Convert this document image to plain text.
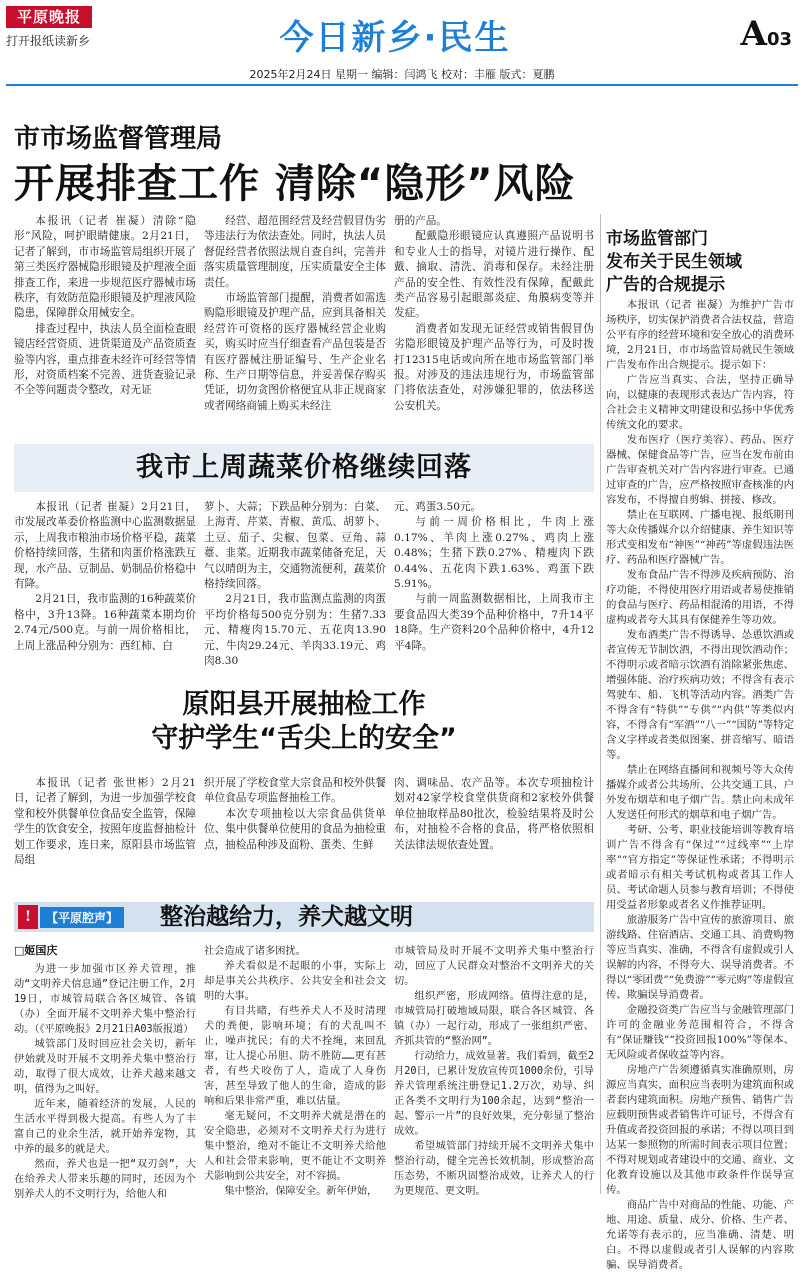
平原晚报
打开报纸读新乡	今日新乡·民生	A03
2025年2月24日 星期一 编辑：闫鸿飞 校对：丰雁 版式：夏鹏
市市场监督管理局
开展排查工作 清除“隐形”风险

本报讯（记者 崔凝）清除“隐形”风险，呵护眼睛健康。2月21日，记者了解到，市市场监管局组织开展了第三类医疗器械隐形眼镜及护理液全面排查工作，来进一步规范医疗器械市场秩序，有效防范隐形眼镜及护理液风险隐患，保障群众用械安全。

排查过程中，执法人员全面检查眼镜店经营资质、进货渠道及产品资质查验等内容，重点排查未经许可经营等情形，对资质档案不完善、进货查验记录不全等问题责令整改，对无证

经营、超范围经营及经营假冒伪劣等违法行为依法查处。同时，执法人员督促经营者依照法规自查自纠，完善并落实质量管理制度，压实质量安全主体责任。

市场监管部门提醒，消费者如需选购隐形眼镜及护理产品，应到具备相关经营许可资格的医疗器械经营企业购买，购买时应当仔细查看产品包装是否有医疗器械注册证编号、生产企业名称、生产日期等信息，并妥善保存购买凭证，切勿贪图价格便宜从非正规商家或者网络商铺上购买未经注

册的产品。

配戴隐形眼镜应认真遵照产品说明书和专业人士的指导，对镜片进行操作、配戴、摘取、清洗、消毒和保存。未经注册产品的安全性、有效性没有保障，配戴此类产品容易引起眼部炎症、角膜病变等并发症。

消费者如发现无证经营或销售假冒伪劣隐形眼镜及护理产品等行为，可及时拨打12315电话或向所在地市场监管部门举报。对涉及的违法违规行为，市场监管部门将依法查处，对涉嫌犯罪的，依法移送公安机关。

我市上周蔬菜价格继续回落

本报讯（记者 崔凝）2月21日，市发展改革委价格监测中心监测数据显示，上周我市粮油市场价格平稳，蔬菜价格持续回落，生猪和肉蛋价格涨跌互现，水产品、豆制品、奶制品价格稳中有降。

2月21日，我市监测的16种蔬菜价格中，3升13降。16种蔬菜本期均价2.74元/500克。与前一周价格相比，上周上涨品种分别为：西红柿、白

萝卜、大蒜；下跌品种分别为：白菜、上海青、芹菜、青椒、黄瓜、胡萝卜、土豆、茄子、尖椒、包菜、豆角、蒜薹、韭菜。近期我市蔬菜储备充足，天气以晴朗为主，交通物流便利，蔬菜价格持续回落。

2月21日，我市监测点监测的肉蛋平均价格每500克分别为：生猪7.33元、精瘦肉15.70元、五花肉13.90元、牛肉29.24元、羊肉33.19元、鸡肉8.30

元、鸡蛋3.50元。

与前一周价格相比，牛肉上涨0.17%、羊肉上涨0.27%、鸡肉上涨0.48%；生猪下跌0.27%、精瘦肉下跌0.44%、五花肉下跌1.63%、鸡蛋下跌5.91%。

与前一周监测数据相比，上周我市主要食品四大类39个品种价格中，7升14平18降。生产资料20个品种价格中，4升12平4降。

原阳县开展抽检工作
守护学生“舌尖上的安全”

本报讯（记者 张世彬）2月21日，记者了解到，为进一步加强学校食堂和校外供餐单位食品安全监管，保障学生的饮食安全，按照年度监督抽检计划工作要求，连日来，原阳县市场监管局组

织开展了学校食堂大宗食品和校外供餐单位食品专项监督抽检工作。

本次专项抽检以大宗食品供货单位、集中供餐单位使用的食品为抽检重点，抽检品种涉及面粉、蛋类、生鲜

肉、调味品、农产品等。本次专项抽检计划对42家学校食堂供货商和2家校外供餐单位抽取样品80批次，检验结果将及时公布，对抽检不合格的食品，将严格依照相关法律法规依查处置。

!	【平原腔声】 整治越给力，养犬越文明
□姬国庆

为进一步加强市区养犬管理，推动“文明养犬信息通”登记注册工作，2月19日，市城管局联合各区城管、各镇（办）全面开展不文明养犬集中整治行动。（《平原晚报》2月21日A03版报道）

城管部门及时回应社会关切，新年伊始就及时开展不文明养犬集中整治行动，取得了很大成效，让养犬越来越文明，值得为之叫好。

近年来，随着经济的发展，人民的生活水平得到极大提高。有些人为了丰富自己的业余生活，就开始养宠物，其中养的最多的就是犬。

然而，养犬也是一把“双刃剑”，大在给养犬人带来乐趣的同时，还因为个别养犬人的不文明行为，给他人和

社会造成了诸多困扰。

养犬看似是不起眼的小事，实际上却是事关公共秩序、公共安全和社会文明的大事。

有目共睹，有些养犬人不及时清理犬的粪便，影响环境；有的犬乱叫不止，噪声扰民；有的犬不拴绳，来回乱窜，让人提心吊胆、防不胜防……更有甚者，有些犬咬伤了人，造成了人身伤害，甚至导致了他人的生命，造成的影响和后果非常严重，难以估量。

毫无疑问，不文明养犬就是潜在的安全隐患，必须对不文明养犬行为进行集中整治，绝对不能让不文明养犬给他人和社会带来影响，更不能让不文明养犬影响到公共安全，对不容损。

集中整治，保障安全。新年伊始，

市城管局及时开展不文明养犬集中整治行动，回应了人民群众对整治不文明养犬的关切。

组织严密，形成网络。值得注意的是，市城管局打破地域局限，联合各区城管、各镇（办）一起行动，形成了一张组织严密、齐抓共管的“整治网”。

行动给力，成效显著。我们看到，截至2月20日，已累计发放宣传页1000余份，引导养犬管理系统注册登记1.2万次，劝导、纠正各类不文明行为100余起，达到“整治一起、警示一片”的良好效果，充分彰显了整治成效。

希望城管部门持续开展不文明养犬集中整治行动，健全完善长效机制，形成整治高压态势，不断巩固整治成效，让养犬人的行为更规范、更文明。

市场监管部门
发布关于民生领域
广告的合规提示

本报讯（记者 崔凝）为维护广告市场秩序，切实保护消费者合法权益，营造公平有序的经营环境和安全放心的消费环境，2月21日，市市场监管局就民生领域广告发布作出合规提示。提示如下：

广告应当真实、合法，坚持正确导向，以健康的表现形式表达广告内容，符合社会主义精神文明建设和弘扬中华优秀传统文化的要求。

发布医疗（医疗美容）、药品、医疗器械、保健食品等广告，应当在发布前由广告审查机关对广告内容进行审查。已通过审查的广告，应严格按照审查核准的内容发布，不得擅自剪辑、拼接、修改。

禁止在互联网、广播电视、报纸期刊等大众传播媒介以介绍健康、养生知识等形式变相发布“神医”“神药”等虚假违法医疗、药品和医疗器械广告。

发布食品广告不得涉及疾病预防、治疗功能，不得使用医疗用语或者易使推销的食品与医疗、药品相混淆的用语，不得虚构或者夸大其具有保健养生等功效。

发布酒类广告不得诱导、怂恿饮酒或者宣传无节制饮酒，不得出现饮酒动作；不得明示或者暗示饮酒有消除紧张焦虑、增强体能、治疗疾病功效；不得含有表示驾驶车、船、飞机等活动内容。酒类广告不得含有“特供”“专供”“内供”等类似内容，不得含有“军酒”“八一”“国防”等特定含义字样或者类似图案、拼音缩写、暗语等。

禁止在网络直播间和视频号等大众传播媒介或者公共场所、公共交通工具、户外发布烟草和电子烟广告。禁止向未成年人发送任何形式的烟草和电子烟广告。

考研、公考、职业技能培训等教育培训广告不得含有“保过”“过线率”“上岸率”“官方指定”等保证性承诺；不得明示或者暗示有相关考试机构或者其工作人员、考试命题人员参与教育培训；不得使用受益者形象或者名义作推荐证明。

旅游服务广告中宣传的旅游项目、旅游线路、住宿酒店、交通工具、消费购物等应当真实、准确，不得含有虚假或引人误解的内容，不得夸大、误导消费者。不得以“零团费”“免费游”“零元购”等虚假宣传、欺骗误导消费者。

金融投资类广告应当与金融管理部门许可的金融业务范围相符合，不得含有“保证赚钱”“投资回报100%”等保本、无风险或者保收益等内容。

房地产广告须遵循真实准确原则，房源应当真实，面积应当表明为建筑面积或者套内建筑面积。房地产预售、销售广告应载明预售或者销售许可证号，不得含有升值或者投资回报的承诺；不得以项目到达某一参照物的所需时间表示项目位置；不得对规划或者建设中的交通、商业、文化教育设施以及其他市政条件作误导宣传。

商品广告中对商品的性能、功能、产地、用途、质量、成分、价格、生产者、允诺等有表示的，应当准确、清楚、明白。不得以虚假或者引人误解的内容欺骗、误导消费者。
